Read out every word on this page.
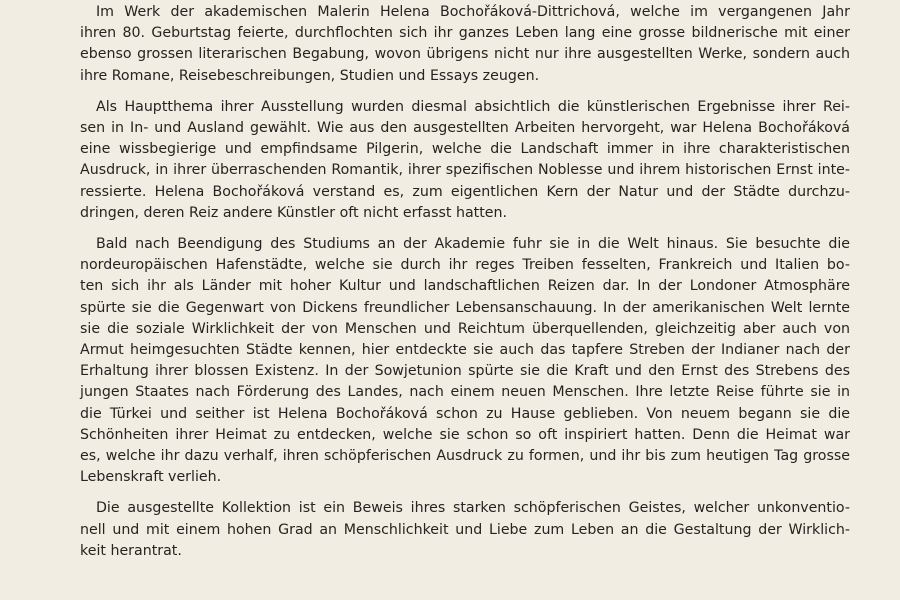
Im Werk der akademischen Malerin Helena Bochořáková-Dittrichová, welche im vergangenen Jahr
ihren 80. Geburtstag feierte, durchflochten sich ihr ganzes Leben lang eine grosse bildnerische mit einer
ebenso grossen literarischen Begabung, wovon übrigens nicht nur ihre ausgestellten Werke, sondern auch
ihre Romane, Reisebeschreibungen, Studien und Essays zeugen.
Als Hauptthema ihrer Ausstellung wurden diesmal absichtlich die künstlerischen Ergebnisse ihrer Rei-
sen in In- und Ausland gewählt. Wie aus den ausgestellten Arbeiten hervorgeht, war Helena Bochořáková
eine wissbegierige und empfindsame Pilgerin, welche die Landschaft immer in ihre charakteristischen
Ausdruck, in ihrer überraschenden Romantik, ihrer spezifischen Noblesse und ihrem historischen Ernst inte-
ressierte. Helena Bochořáková verstand es, zum eigentlichen Kern der Natur und der Städte durchzu-
dringen, deren Reiz andere Künstler oft nicht erfasst hatten.
Bald nach Beendigung des Studiums an der Akademie fuhr sie in die Welt hinaus. Sie besuchte die
nordeuropäischen Hafenstädte, welche sie durch ihr reges Treiben fesselten, Frankreich und Italien bo-
ten sich ihr als Länder mit hoher Kultur und landschaftlichen Reizen dar. In der Londoner Atmosphäre
spürte sie die Gegenwart von Dickens freundlicher Lebensanschauung. In der amerikanischen Welt lernte
sie die soziale Wirklichkeit der von Menschen und Reichtum überquellenden, gleichzeitig aber auch von
Armut heimgesuchten Städte kennen, hier entdeckte sie auch das tapfere Streben der Indianer nach der
Erhaltung ihrer blossen Existenz. In der Sowjetunion spürte sie die Kraft und den Ernst des Strebens des
jungen Staates nach Förderung des Landes, nach einem neuen Menschen. Ihre letzte Reise führte sie in
die Türkei und seither ist Helena Bochořáková schon zu Hause geblieben. Von neuem begann sie die
Schönheiten ihrer Heimat zu entdecken, welche sie schon so oft inspiriert hatten. Denn die Heimat war
es, welche ihr dazu verhalf, ihren schöpferischen Ausdruck zu formen, und ihr bis zum heutigen Tag grosse
Lebenskraft verlieh.
Die ausgestellte Kollektion ist ein Beweis ihres starken schöpferischen Geistes, welcher unkonventio-
nell und mit einem hohen Grad an Menschlichkeit und Liebe zum Leben an die Gestaltung der Wirklich-
keit herantrat.
